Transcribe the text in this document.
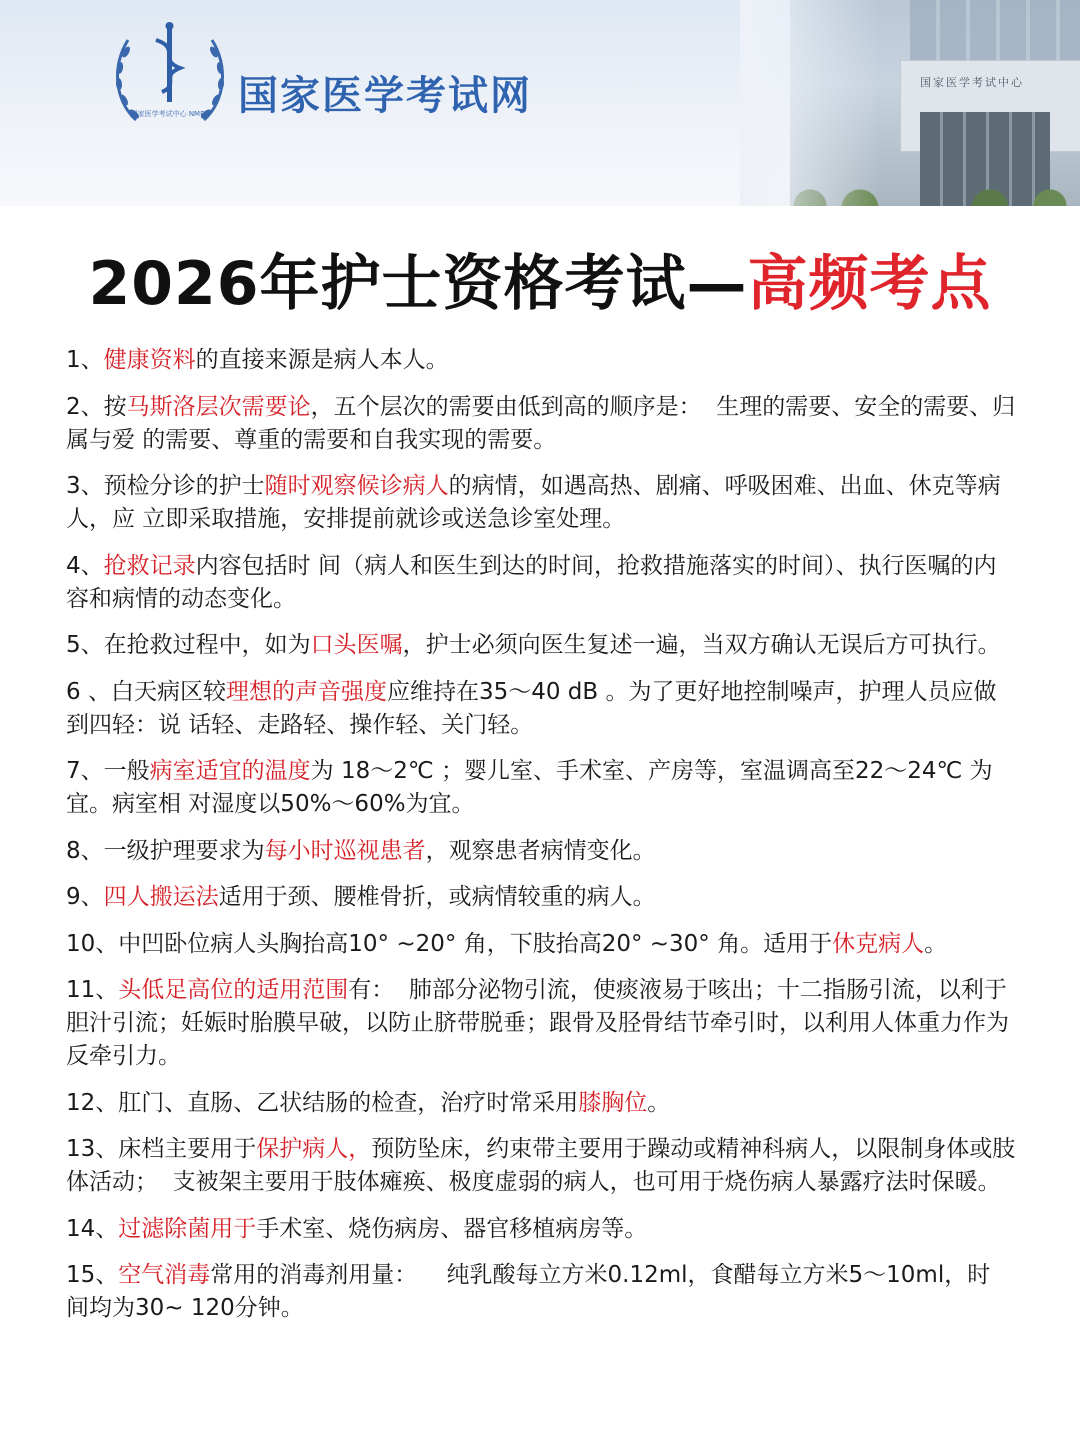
国家医学考试中心
国家医学考试中心 NMEC 国家医学考试网
2026年护士资格考试—高频考点
1、健康资料的直接来源是病人本人。
2、按马斯洛层次需要论，五个层次的需要由低到高的顺序是：  生理的需要、安全的需要、归属与爱 的需要、尊重的需要和自我实现的需要。
3、预检分诊的护士随时观察候诊病人的病情，如遇高热、剧痛、呼吸困难、出血、休克等病人，应 立即采取措施，安排提前就诊或送急诊室处理。
4、抢救记录内容包括时 间（病人和医生到达的时间，抢救措施落实的时间）、执行医嘱的内 容和病情的动态变化。
5、在抢救过程中，如为口头医嘱，护士必须向医生复述一遍，当双方确认无误后方可执行。
6 、白天病区较理想的声音强度应维持在35～40 dB 。为了更好地控制噪声，护理人员应做到四轻：说 话轻、走路轻、操作轻、关门轻。
7、一般病室适宜的温度为 18～2℃ ；婴儿室、手术室、产房等，室温调高至22～24℃ 为宜。病室相 对湿度以50%～60%为宜。
8、一级护理要求为每小时巡视患者，观察患者病情变化。
9、四人搬运法适用于颈、腰椎骨折，或病情较重的病人。
10、中凹卧位病人头胸抬高10° ~20° 角，下肢抬高20° ~30° 角。适用于休克病人。
11、头低足高位的适用范围有：  肺部分泌物引流，使痰液易于咳出；十二指肠引流，以利于胆汁引流；妊娠时胎膜早破，以防止脐带脱垂；跟骨及胫骨结节牵引时，以利用人体重力作为反牵引力。
12、肛门、直肠、乙状结肠的检查，治疗时常采用膝胸位。
13、床档主要用于保护病人，预防坠床，约束带主要用于躁动或精神科病人，以限制身体或肢体活动；  支被架主要用于肢体瘫痪、极度虚弱的病人，也可用于烧伤病人暴露疗法时保暖。
14、过滤除菌用于手术室、烧伤病房、器官移植病房等。
15、空气消毒常用的消毒剂用量：    纯乳酸每立方米0.12ml，食醋每立方米5～10ml，时 间均为30~ 120分钟。
